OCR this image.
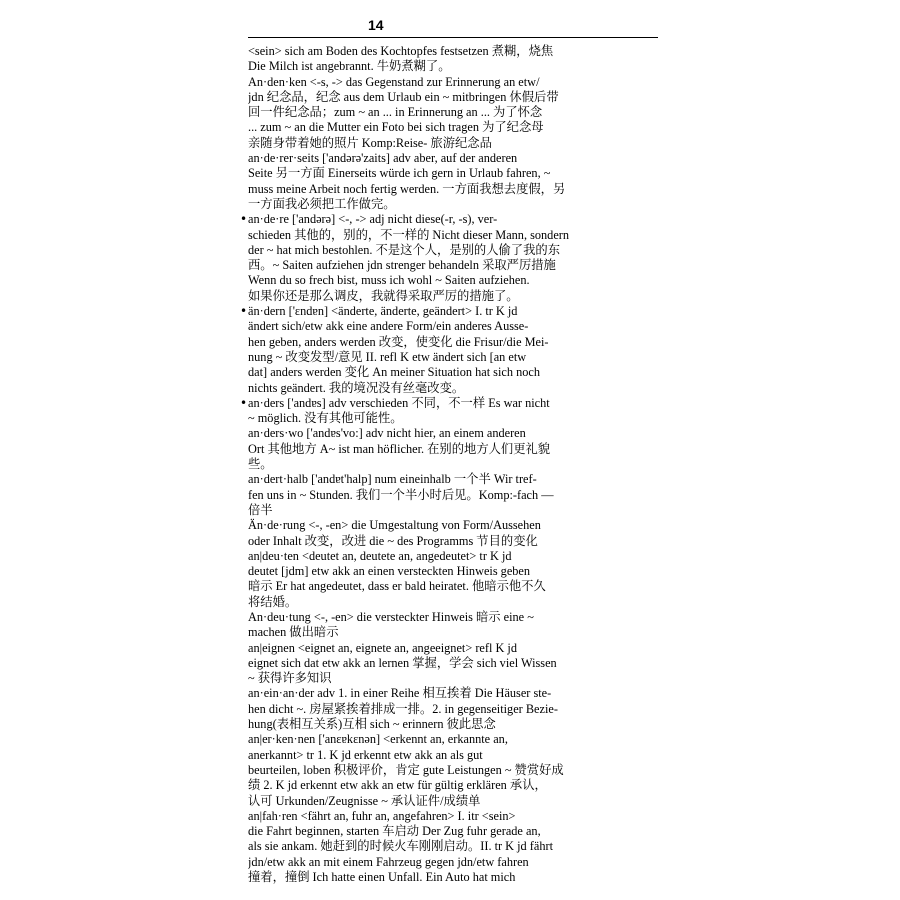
14
<sein> sich am Boden des Kochtopfes festsetzen 煮糊，烧焦
Die Milch ist angebrannt. 牛奶煮糊了。
An·den·ken <-s, -> das Gegenstand zur Erinnerung an etw/
jdn 纪念品，纪念 aus dem Urlaub ein ~ mitbringen 休假后带
回一件纪念品；zum ~ an ... in Erinnerung an ... 为了怀念
... zum ~ an die Mutter ein Foto bei sich tragen 为了纪念母
亲随身带着她的照片 Komp:Reise- 旅游纪念品
an·de·rer·seits ['andərə'zaits] adv aber, auf der anderen
Seite 另一方面 Einerseits würde ich gern in Urlaub fahren, ~
muss meine Arbeit noch fertig werden. 一方面我想去度假，另
一方面我必须把工作做完。
• an·de·re ['andərə] <-, -> adj nicht diese(-r, -s), ver-
schieden 其他的，别的，不一样的 Nicht dieser Mann, sondern
der ~ hat mich bestohlen. 不是这个人，是别的人偷了我的东
西。~ Saiten aufziehen jdn strenger behandeln 采取严厉措施
Wenn du so frech bist, muss ich wohl ~ Saiten aufziehen.
如果你还是那么调皮，我就得采取严厉的措施了。
• än·dern ['ɛndɐn] <änderte, änderte, geändert> I. tr K jd
ändert sich/etw akk eine andere Form/ein anderes Ausse-
hen geben, anders werden 改变，使变化 die Frisur/die Mei-
nung ~ 改变发型/意见 II. refl K etw ändert sich [an etw
dat] anders werden 变化 An meiner Situation hat sich noch
nichts geändert. 我的境况没有丝毫改变。
• an·ders ['andɐs] adv verschieden 不同，不一样 Es war nicht
~ möglich. 没有其他可能性。
an·ders·wo ['andɐs'vo:] adv nicht hier, an einem anderen
Ort 其他地方 A~ ist man höflicher. 在别的地方人们更礼貌
些。
an·dert·halb ['andɐt'halp] num eineinhalb 一个半 Wir tref-
fen uns in ~ Stunden. 我们一个半小时后见。Komp:-fach —
倍半
Än·de·rung <-, -en> die Umgestaltung von Form/Aussehen
oder Inhalt 改变，改进 die ~ des Programms 节目的变化
an|deu·ten <deutet an, deutete an, angedeutet> tr K jd
deutet [jdm] etw akk an einen versteckten Hinweis geben
暗示 Er hat angedeutet, dass er bald heiratet. 他暗示他不久
将结婚。
An·deu·tung <-, -en> die versteckter Hinweis 暗示 eine ~
machen 做出暗示
an|eignen <eignet an, eignete an, angeeignet> refl K jd
eignet sich dat etw akk an lernen 掌握，学会 sich viel Wissen
~ 获得许多知识
an·ein·an·der adv 1. in einer Reihe 相互挨着 Die Häuser ste-
hen dicht ~. 房屋紧挨着排成一排。2. in gegenseitiger Bezie-
hung(表相互关系)互相 sich ~ erinnern 彼此思念
an|er·ken·nen ['anɛɐkɛnən] <erkennt an, erkannte an,
anerkannt> tr 1. K jd erkennt etw akk an als gut
beurteilen, loben 积极评价，肯定 gute Leistungen ~ 赞赏好成
绩 2. K jd erkennt etw akk an etw für gültig erklären 承认，
认可 Urkunden/Zeugnisse ~ 承认证件/成绩单
an|fah·ren <fährt an, fuhr an, angefahren> I. itr <sein>
die Fahrt beginnen, starten 车启动 Der Zug fuhr gerade an,
als sie ankam. 她赶到的时候火车刚刚启动。II. tr K jd fährt
jdn/etw akk an mit einem Fahrzeug gegen jdn/etw fahren
撞着，撞倒 Ich hatte einen Unfall. Ein Auto hat mich
